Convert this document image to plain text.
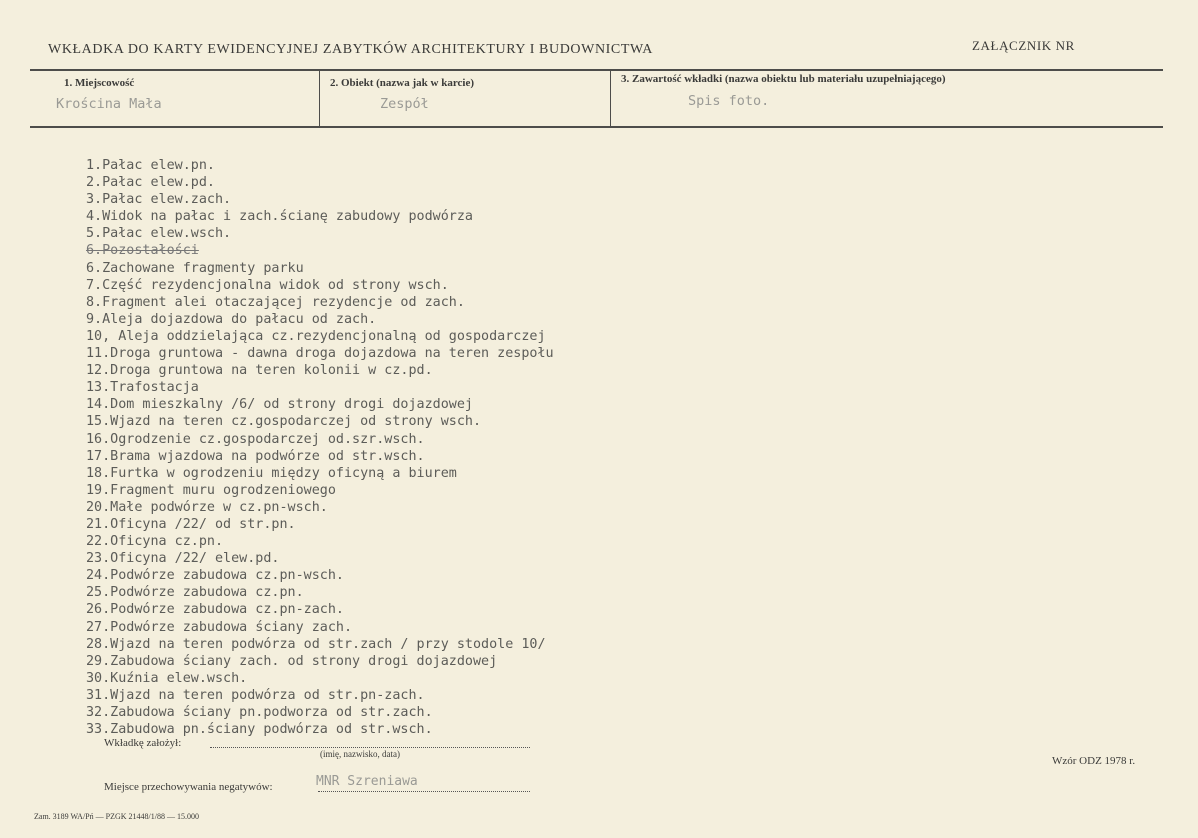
WKŁADKA DO KARTY EWIDENCYJNEJ ZABYTKÓW ARCHITEKTURY I BUDOWNICTWA	ZAŁĄCZNIK NR
1. Miejscowość
Krościna Mała
2. Obiekt (nazwa jak w karcie)
Zespół
3. Zawartość wkładki (nazwa obiektu lub materiału uzupełniającego)
Spis foto.
1.Pałac elew.pn.
2.Pałac elew.pd.
3.Pałac elew.zach.
4.Widok na pałac i zach.ścianę zabudowy podwórza
5.Pałac elew.wsch.
6.Pozostałości
6.Zachowane fragmenty parku
7.Część rezydencjonalna widok od strony wsch.
8.Fragment alei otaczającej rezydencje od zach.
9.Aleja dojazdowa do pałacu od zach.
10, Aleja oddzielająca cz.rezydencjonalną od gospodarczej
11.Droga gruntowa - dawna droga dojazdowa na teren zespołu
12.Droga gruntowa na teren kolonii w cz.pd.
13.Trafostacja
14.Dom mieszkalny /6/ od strony drogi dojazdowej
15.Wjazd na teren cz.gospodarczej od strony wsch.
16.Ogrodzenie cz.gospodarczej od.szr.wsch.
17.Brama wjazdowa na podwórze od str.wsch.
18.Furtka w ogrodzeniu między oficyną a biurem
19.Fragment muru ogrodzeniowego
20.Małe podwórze w cz.pn-wsch.
21.Oficyna /22/ od str.pn.
22.Oficyna cz.pn.
23.Oficyna /22/ elew.pd.
24.Podwórze zabudowa cz.pn-wsch.
25.Podwórze zabudowa cz.pn.
26.Podwórze zabudowa cz.pn-zach.
27.Podwórze zabudowa ściany zach.
28.Wjazd na teren podwórza od str.zach / przy stodole 10/
29.Zabudowa ściany zach. od strony drogi dojazdowej
30.Kuźnia elew.wsch.
31.Wjazd na teren podwórza od str.pn-zach.
32.Zabudowa ściany pn.podworza od str.zach.
33.Zabudowa pn.ściany podwórza od str.wsch.
Wkładkę założył:
(imię, nazwisko, data)
Wzór ODZ 1978 r.
Miejsce przechowywania negatywów:	MNR Szreniawa
Zam. 3189 WA/Pń — PZGK 21448/1/88 — 15.000
